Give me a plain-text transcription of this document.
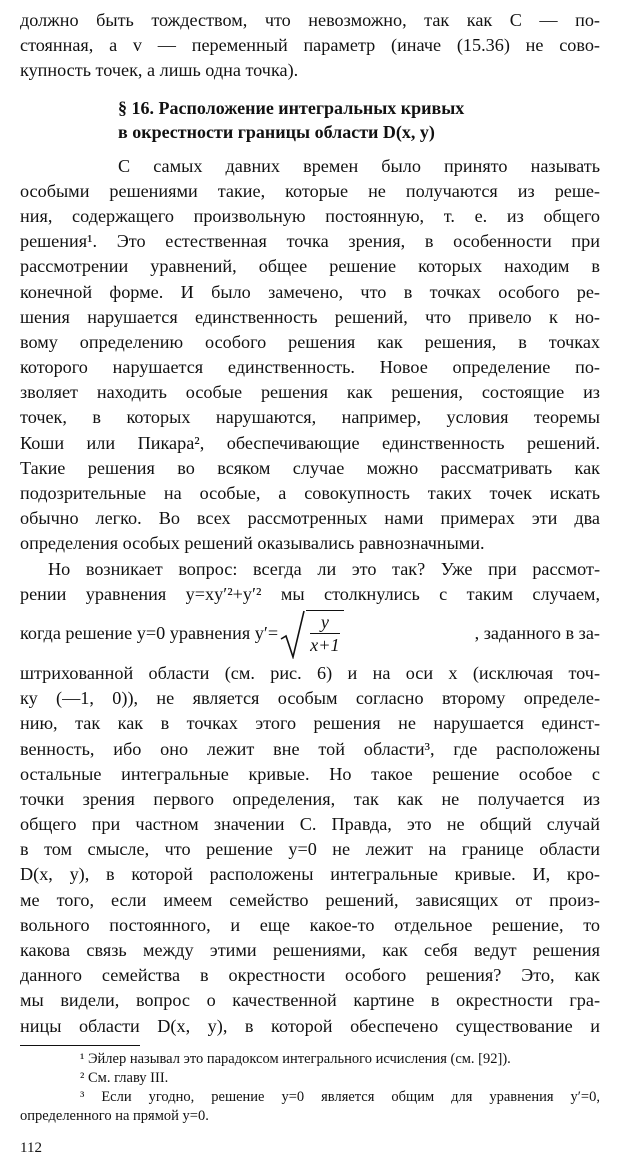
должно быть тождеством, что невозможно, так как C — по-
стоянная, а v — переменный параметр (иначе (15.36) не сово-
купность точек, а лишь одна точка).
§ 16. Расположение интегральных кривых
в окрестности границы области D(x, y)
С самых давних времен было принято называть
особыми решениями такие, которые не получаются из реше-
ния, содержащего произвольную постоянную, т. е. из общего
решения¹. Это естественная точка зрения, в особенности при
рассмотрении уравнений, общее решение которых находим в
конечной форме. И было замечено, что в точках особого ре-
шения нарушается единственность решений, что привело к но-
вому определению особого решения как решения, в точках
которого нарушается единственность. Новое определение по-
зволяет находить особые решения как решения, состоящие из
точек, в которых нарушаются, например, условия теоремы
Коши или Пикара², обеспечивающие единственность решений.
Такие решения во всяком случае можно рассматривать как
подозрительные на особые, а совокупность таких точек искать
обычно легко. Во всех рассмотренных нами примерах эти два
определения особых решений оказывались равнозначными.
Но возникает вопрос: всегда ли это так? Уже при рассмот-
рении уравнения y=xy′²+y′² мы столкнулись с таким случаем,
когда решение y=0 уравнения y′=
y
x+1
, заданного в за-
штрихованной области (см. рис. 6) и на оси x (исключая точ-
ку (—1, 0)), не является особым согласно второму определе-
нию, так как в точках этого решения не нарушается единст-
венность, ибо оно лежит вне той области³, где расположены
остальные интегральные кривые. Но такое решение особое с
точки зрения первого определения, так как не получается из
общего при частном значении C. Правда, это не общий случай
в том смысле, что решение y=0 не лежит на границе области
D(x, y), в которой расположены интегральные кривые. И, кро-
ме того, если имеем семейство решений, зависящих от произ-
вольного постоянного, и еще какое-то отдельное решение, то
какова связь между этими решениями, как себя ведут решения
данного семейства в окрестности особого решения? Это, как
мы видели, вопрос о качественной картине в окрестности гра-
ницы области D(x, y), в которой обеспечено существование и
¹ Эйлер называл это парадоксом интегрального исчисления (см. [92]).
² См. главу III.
³ Если угодно, решение y=0 является общим для уравнения y′=0,
определенного на прямой y=0.
112
